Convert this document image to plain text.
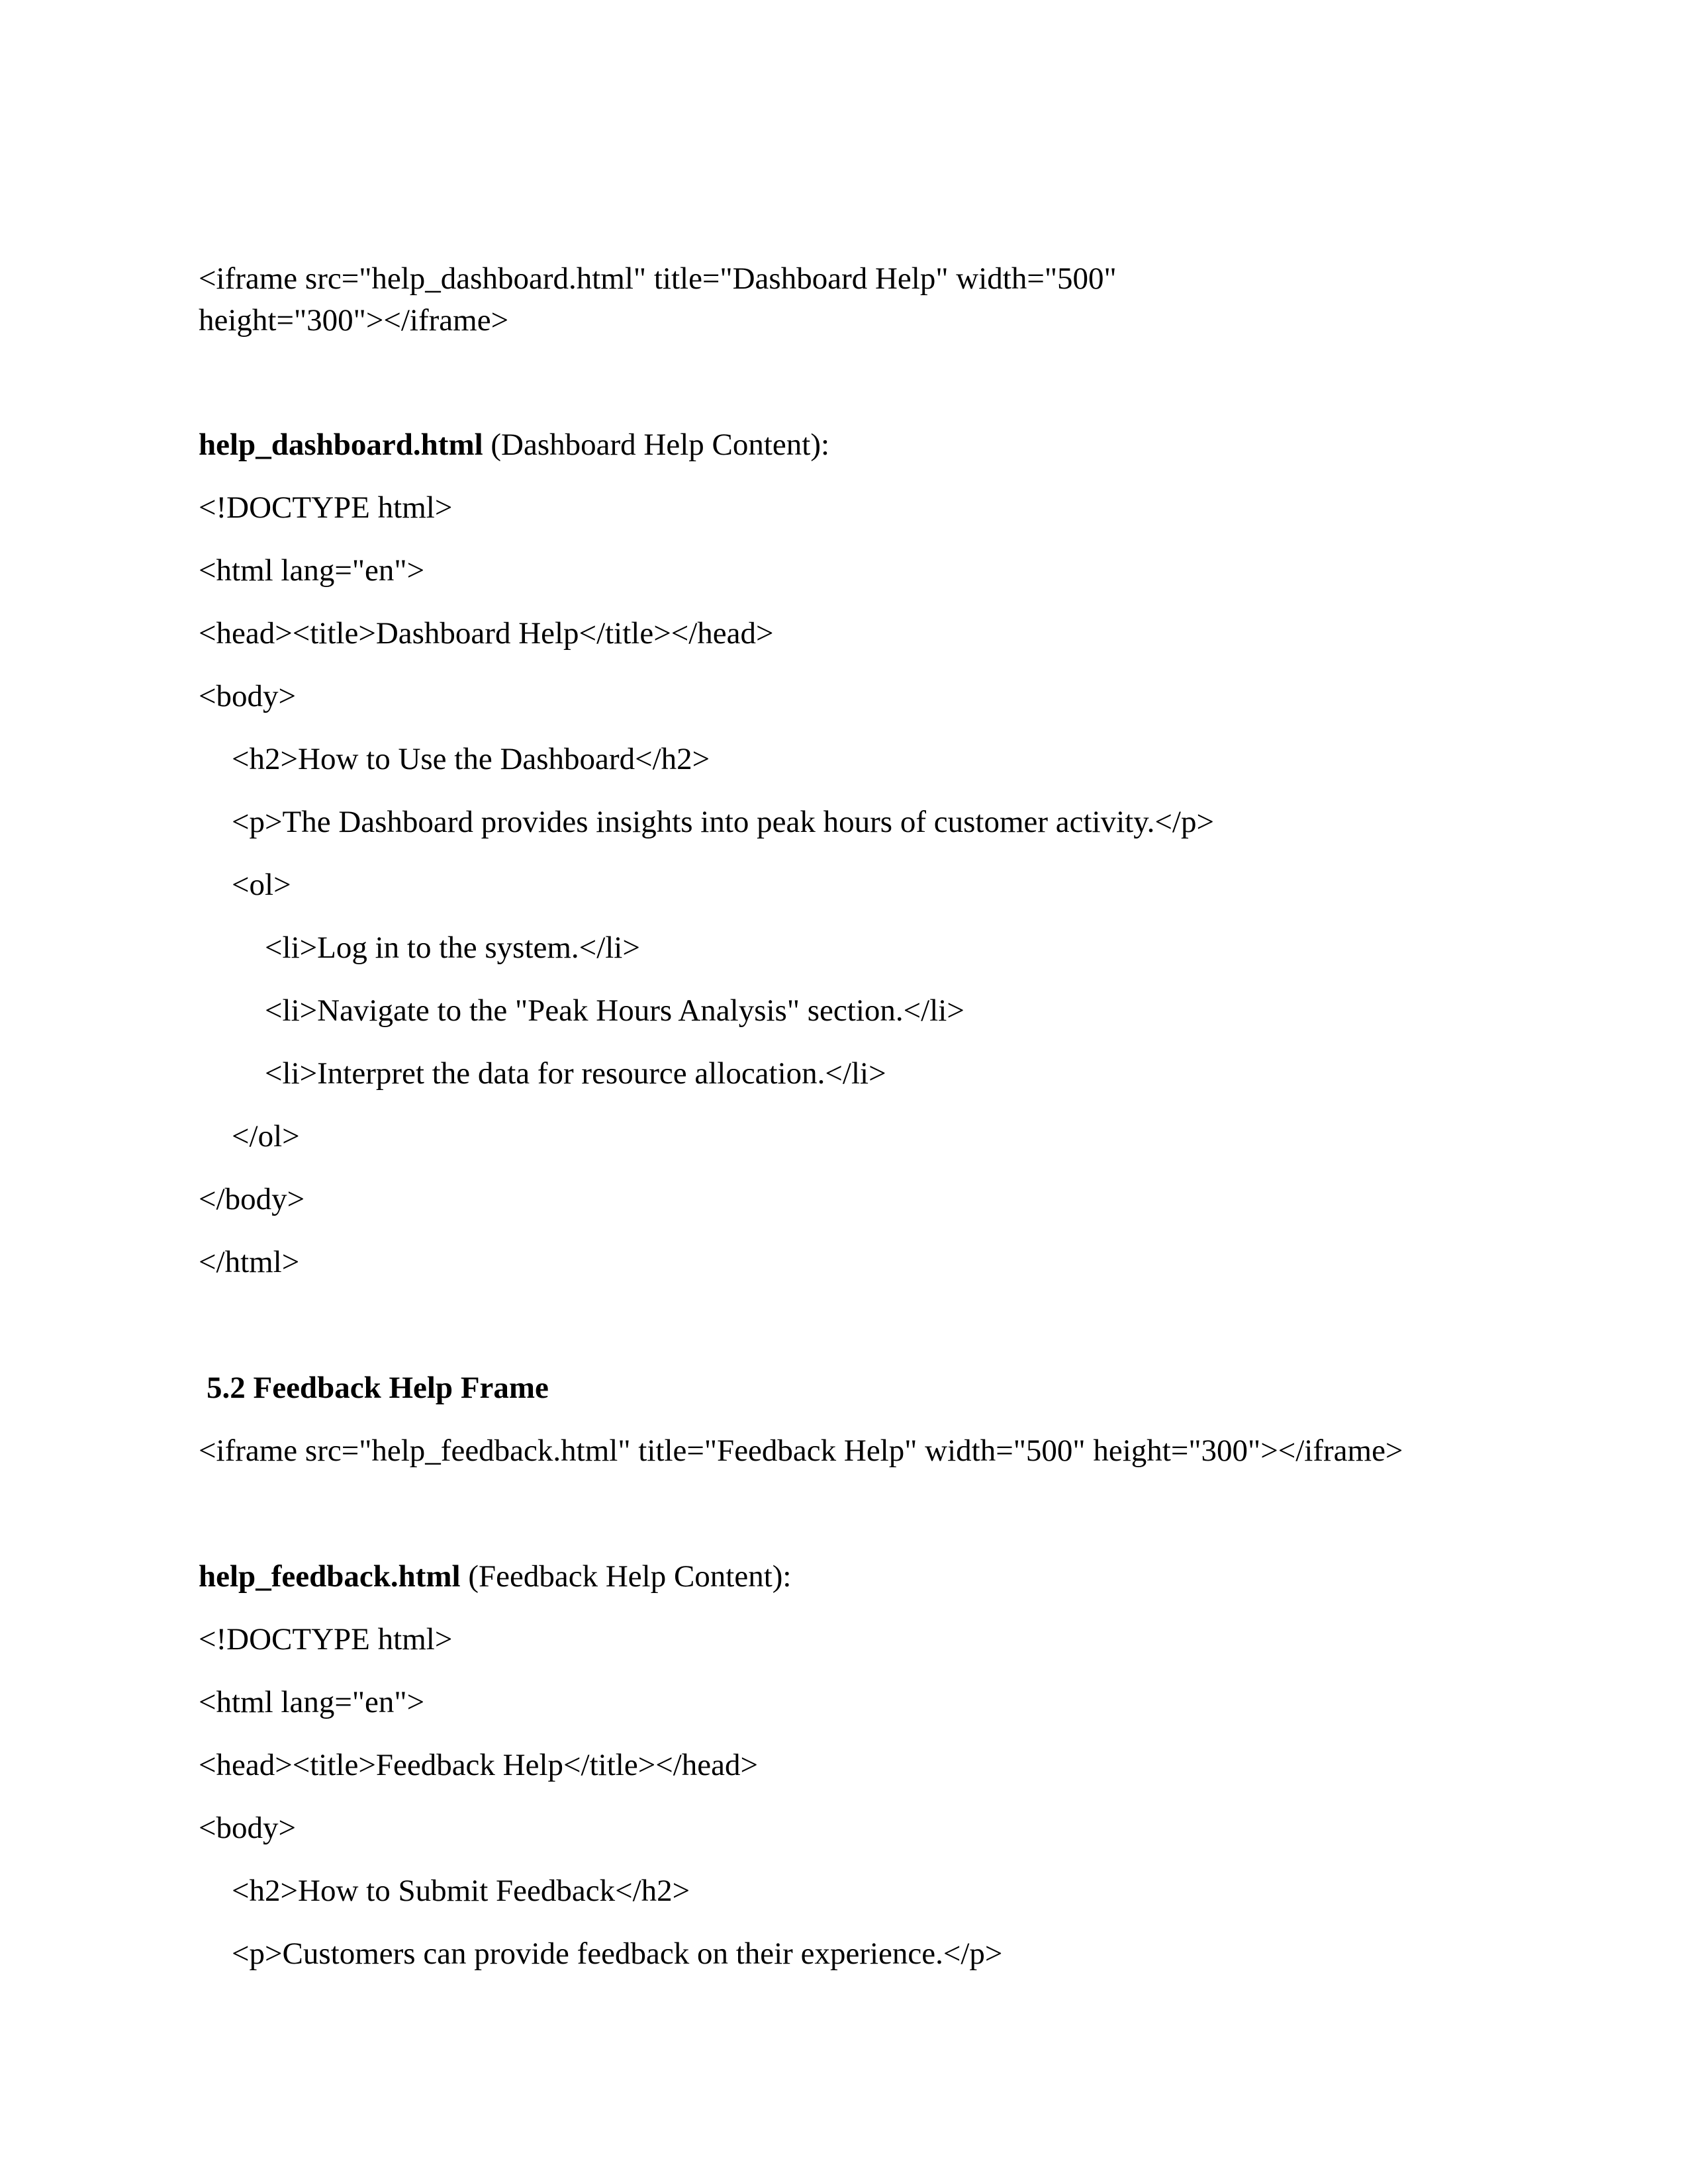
<iframe src="help_dashboard.html" title="Dashboard Help" width="500"

height="300"></iframe>

help_dashboard.html (Dashboard Help Content):

<!DOCTYPE html>

<html lang="en">

<head><title>Dashboard Help</title></head>

<body>

<h2>How to Use the Dashboard</h2>

<p>The Dashboard provides insights into peak hours of customer activity.</p>

<ol>

<li>Log in to the system.</li>

<li>Navigate to the "Peak Hours Analysis" section.</li>

<li>Interpret the data for resource allocation.</li>

</ol>

</body>

</html>

5.2 Feedback Help Frame

<iframe src="help_feedback.html" title="Feedback Help" width="500" height="300"></iframe>

help_feedback.html (Feedback Help Content):

<!DOCTYPE html>

<html lang="en">

<head><title>Feedback Help</title></head>

<body>

<h2>How to Submit Feedback</h2>

<p>Customers can provide feedback on their experience.</p>
